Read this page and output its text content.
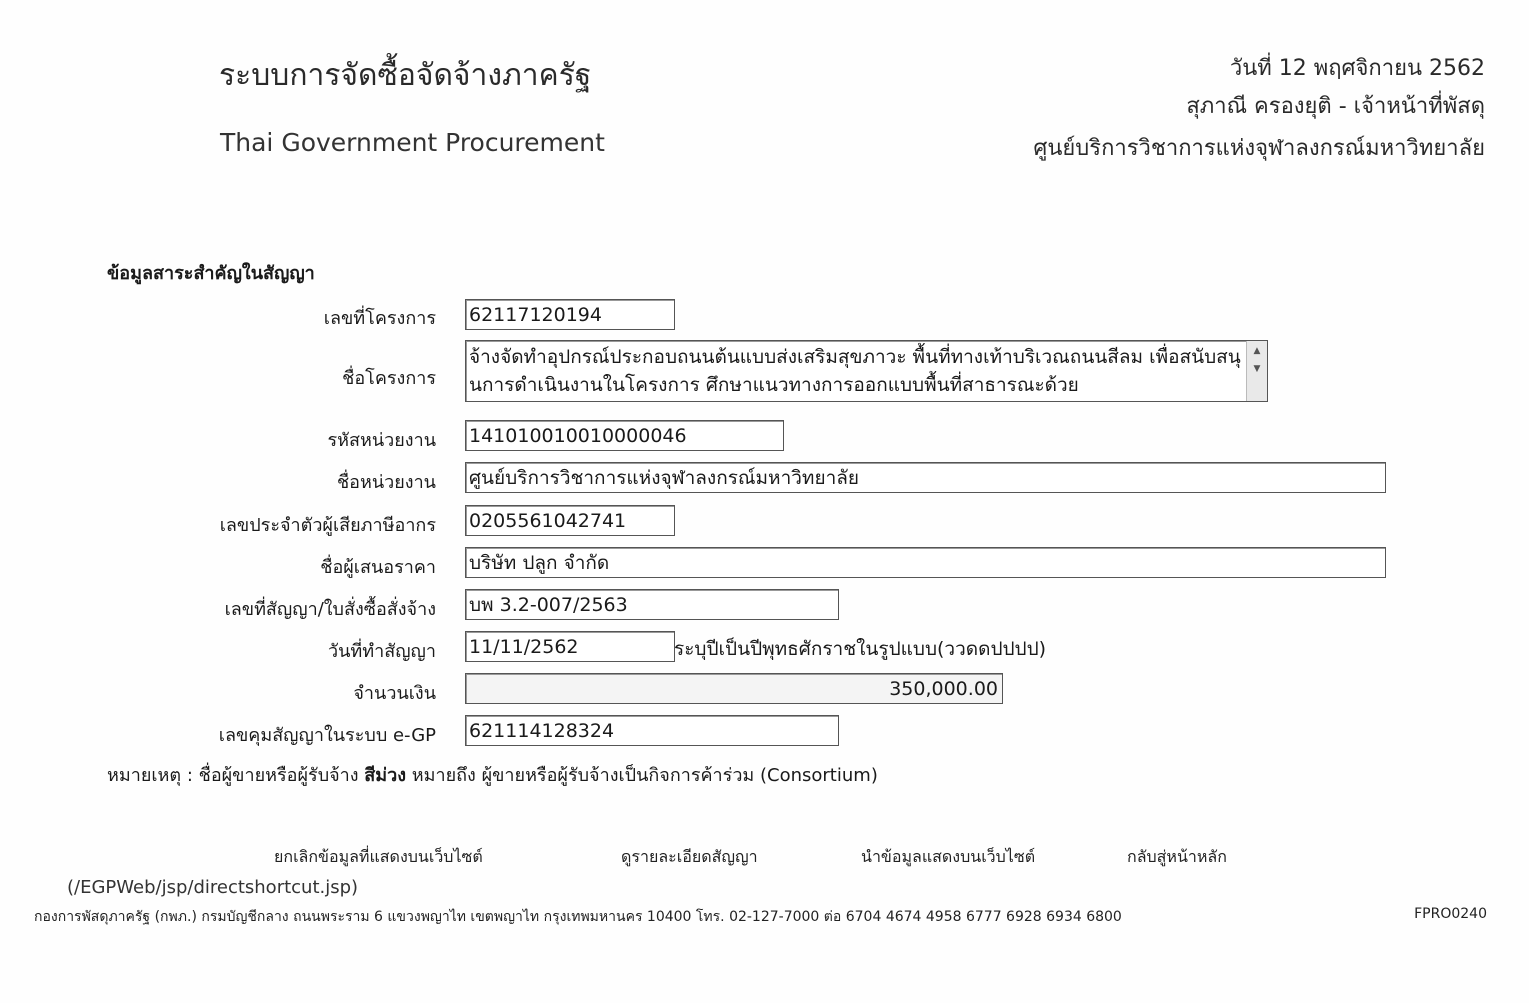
ระบบการจัดซื้อจัดจ้างภาครัฐ
Thai Government Procurement
วันที่ 12 พฤศจิกายน 2562
สุภาณี ครองยุติ - เจ้าหน้าที่พัสดุ
ศูนย์บริการวิชาการแห่งจุฬาลงกรณ์มหาวิทยาลัย
ข้อมูลสาระสำคัญในสัญญา
เลขที่โครงการ 62117120194
ชื่อโครงการ
จ้างจัดทำอุปกรณ์ประกอบถนนต้นแบบส่งเสริมสุขภาวะ พื้นที่ทางเท้าบริเวณถนนสีลม เพื่อสนับสนุนการดำเนินงานในโครงการ ศึกษาแนวทางการออกแบบพื้นที่สาธารณะด้วย
▲
▼
รหัสหน่วยงาน 141010010010000046
ชื่อหน่วยงาน ศูนย์บริการวิชาการแห่งจุฬาลงกรณ์มหาวิทยาลัย
เลขประจำตัวผู้เสียภาษีอากร 0205561042741
ชื่อผู้เสนอราคา บริษัท ปลูก จำกัด
เลขที่สัญญา/ใบสั่งซื้อสั่งจ้าง บพ 3.2-007/2563
วันที่ทำสัญญา 11/11/2562	ระบุปีเป็นปีพุทธศักราชในรูปแบบ(ววดดปปปป)
จำนวนเงิน	350,000.00
เลขคุมสัญญาในระบบ e-GP 621114128324
หมายเหตุ : ชื่อผู้ขายหรือผู้รับจ้าง สีม่วง หมายถึง ผู้ขายหรือผู้รับจ้างเป็นกิจการค้าร่วม (Consortium)
ยกเลิกข้อมูลที่แสดงบนเว็บไซต์	ดูรายละเอียดสัญญา	นำข้อมูลแสดงบนเว็บไซต์	กลับสู่หน้าหลัก
(/EGPWeb/jsp/directshortcut.jsp)
กองการพัสดุภาครัฐ (กพภ.) กรมบัญชีกลาง ถนนพระราม 6 แขวงพญาไท เขตพญาไท กรุงเทพมหานคร 10400 โทร. 02-127-7000 ต่อ 6704 4674 4958 6777 6928 6934 6800	FPRO0240
